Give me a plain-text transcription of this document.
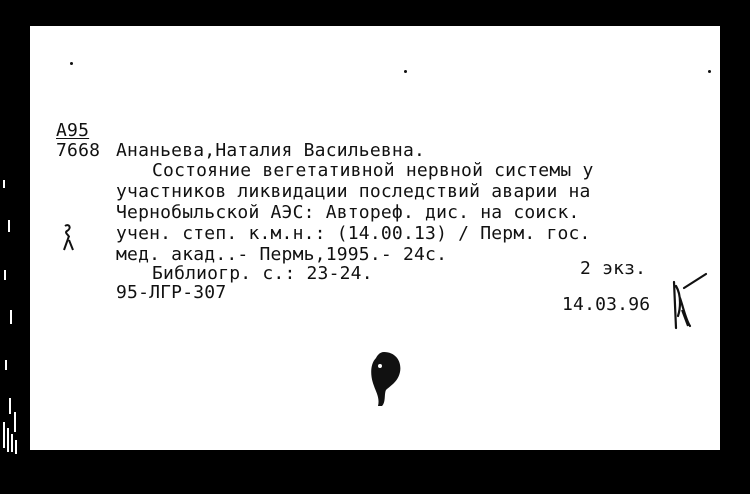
А95
7668 Ананьева,Наталия Васильевна.
Состояние вегетативной нервной системы у
участников ликвидации последствий аварии на
Чернобыльской АЭС: Автореф. дис. на соиск.
учен. степ. к.м.н.: (14.00.13) / Перм. гос.
мед. акад..- Пермь,1995.- 24с.
Библиогр. с.: 23-24.	2 экз.
95-ЛГР-307
14.03.96
